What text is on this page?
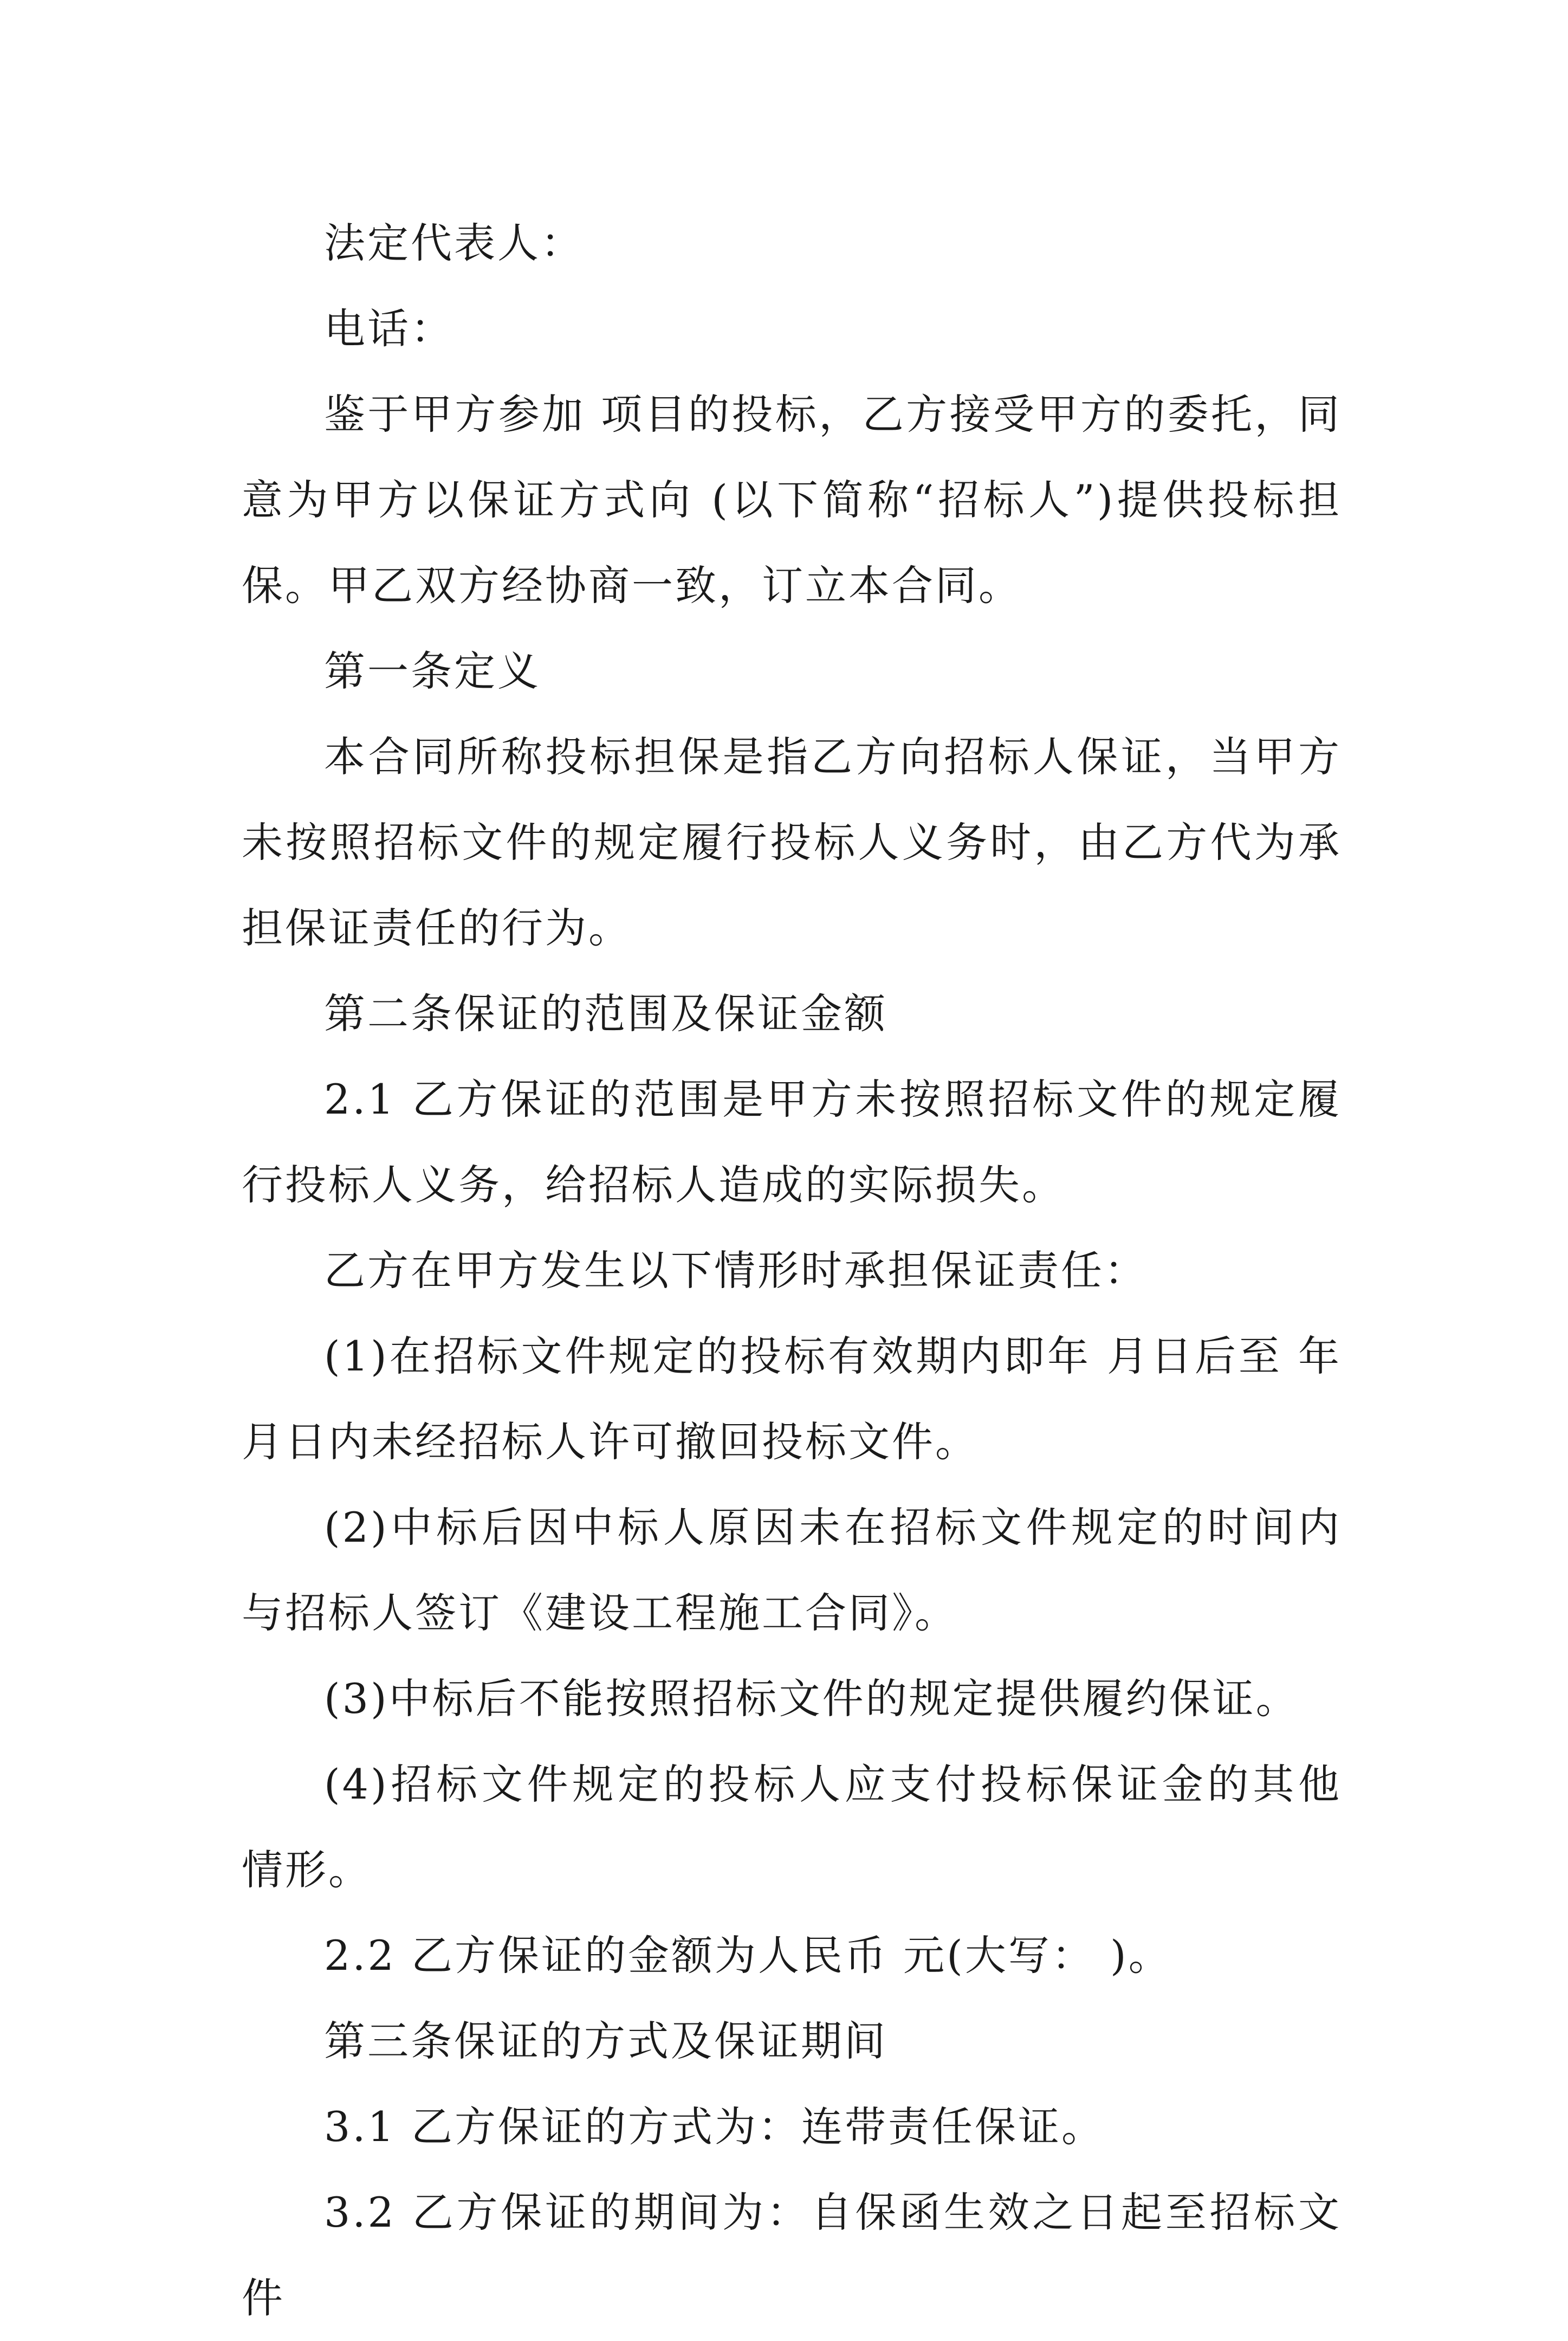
法定代表人：

电话：

鉴于甲方参加 项目的投标，乙方接受甲方的委托，同意为甲方以保证方式向 (以下简称“招标人”)提供投标担保。甲乙双方经协商一致，订立本合同。

第一条定义

本合同所称投标担保是指乙方向招标人保证，当甲方未按照招标文件的规定履行投标人义务时，由乙方代为承担保证责任的行为。

第二条保证的范围及保证金额

2.1 乙方保证的范围是甲方未按照招标文件的规定履行投标人义务，给招标人造成的实际损失。

乙方在甲方发生以下情形时承担保证责任：

(1)在招标文件规定的投标有效期内即年 月日后至 年月日内未经招标人许可撤回投标文件。

(2)中标后因中标人原因未在招标文件规定的时间内与招标人签订《建设工程施工合同》。

(3)中标后不能按照招标文件的规定提供履约保证。

(4)招标文件规定的投标人应支付投标保证金的其他情形。

2.2 乙方保证的金额为人民币 元(大写： )。

第三条保证的方式及保证期间

3.1 乙方保证的方式为：连带责任保证。

3.2 乙方保证的期间为：自保函生效之日起至招标文件
